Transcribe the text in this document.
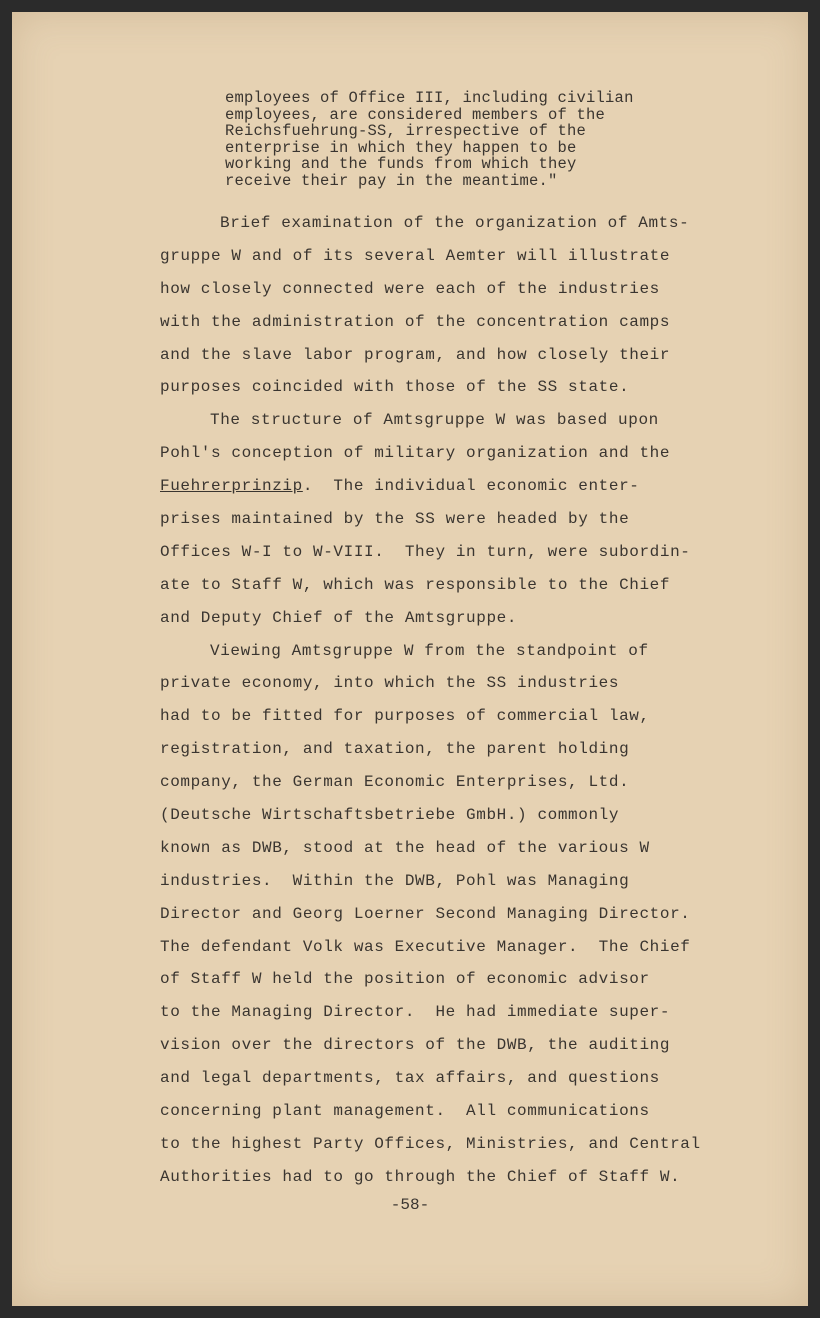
employees of Office III, including civilian
employees, are considered members of the
Reichsfuehrung-SS, irrespective of the
enterprise in which they happen to be
working and the funds from which they
receive their pay in the meantime."
Brief examination of the organization of Amts-
gruppe W and of its several Aemter will illustrate
how closely connected were each of the industries
with the administration of the concentration camps
and the slave labor program, and how closely their
purposes coincided with those of the SS state.
The structure of Amtsgruppe W was based upon
Pohl's conception of military organization and the
Fuehrerprinzip.  The individual economic enter-
prises maintained by the SS were headed by the
Offices W-I to W-VIII.  They in turn, were subordin-
ate to Staff W, which was responsible to the Chief
and Deputy Chief of the Amtsgruppe.
Viewing Amtsgruppe W from the standpoint of
private economy, into which the SS industries
had to be fitted for purposes of commercial law,
registration, and taxation, the parent holding
company, the German Economic Enterprises, Ltd.
(Deutsche Wirtschaftsbetriebe GmbH.) commonly
known as DWB, stood at the head of the various W
industries.  Within the DWB, Pohl was Managing
Director and Georg Loerner Second Managing Director.
The defendant Volk was Executive Manager.  The Chief
of Staff W held the position of economic advisor
to the Managing Director.  He had immediate super-
vision over the directors of the DWB, the auditing
and legal departments, tax affairs, and questions
concerning plant management.  All communications
to the highest Party Offices, Ministries, and Central
Authorities had to go through the Chief of Staff W.
-58-
